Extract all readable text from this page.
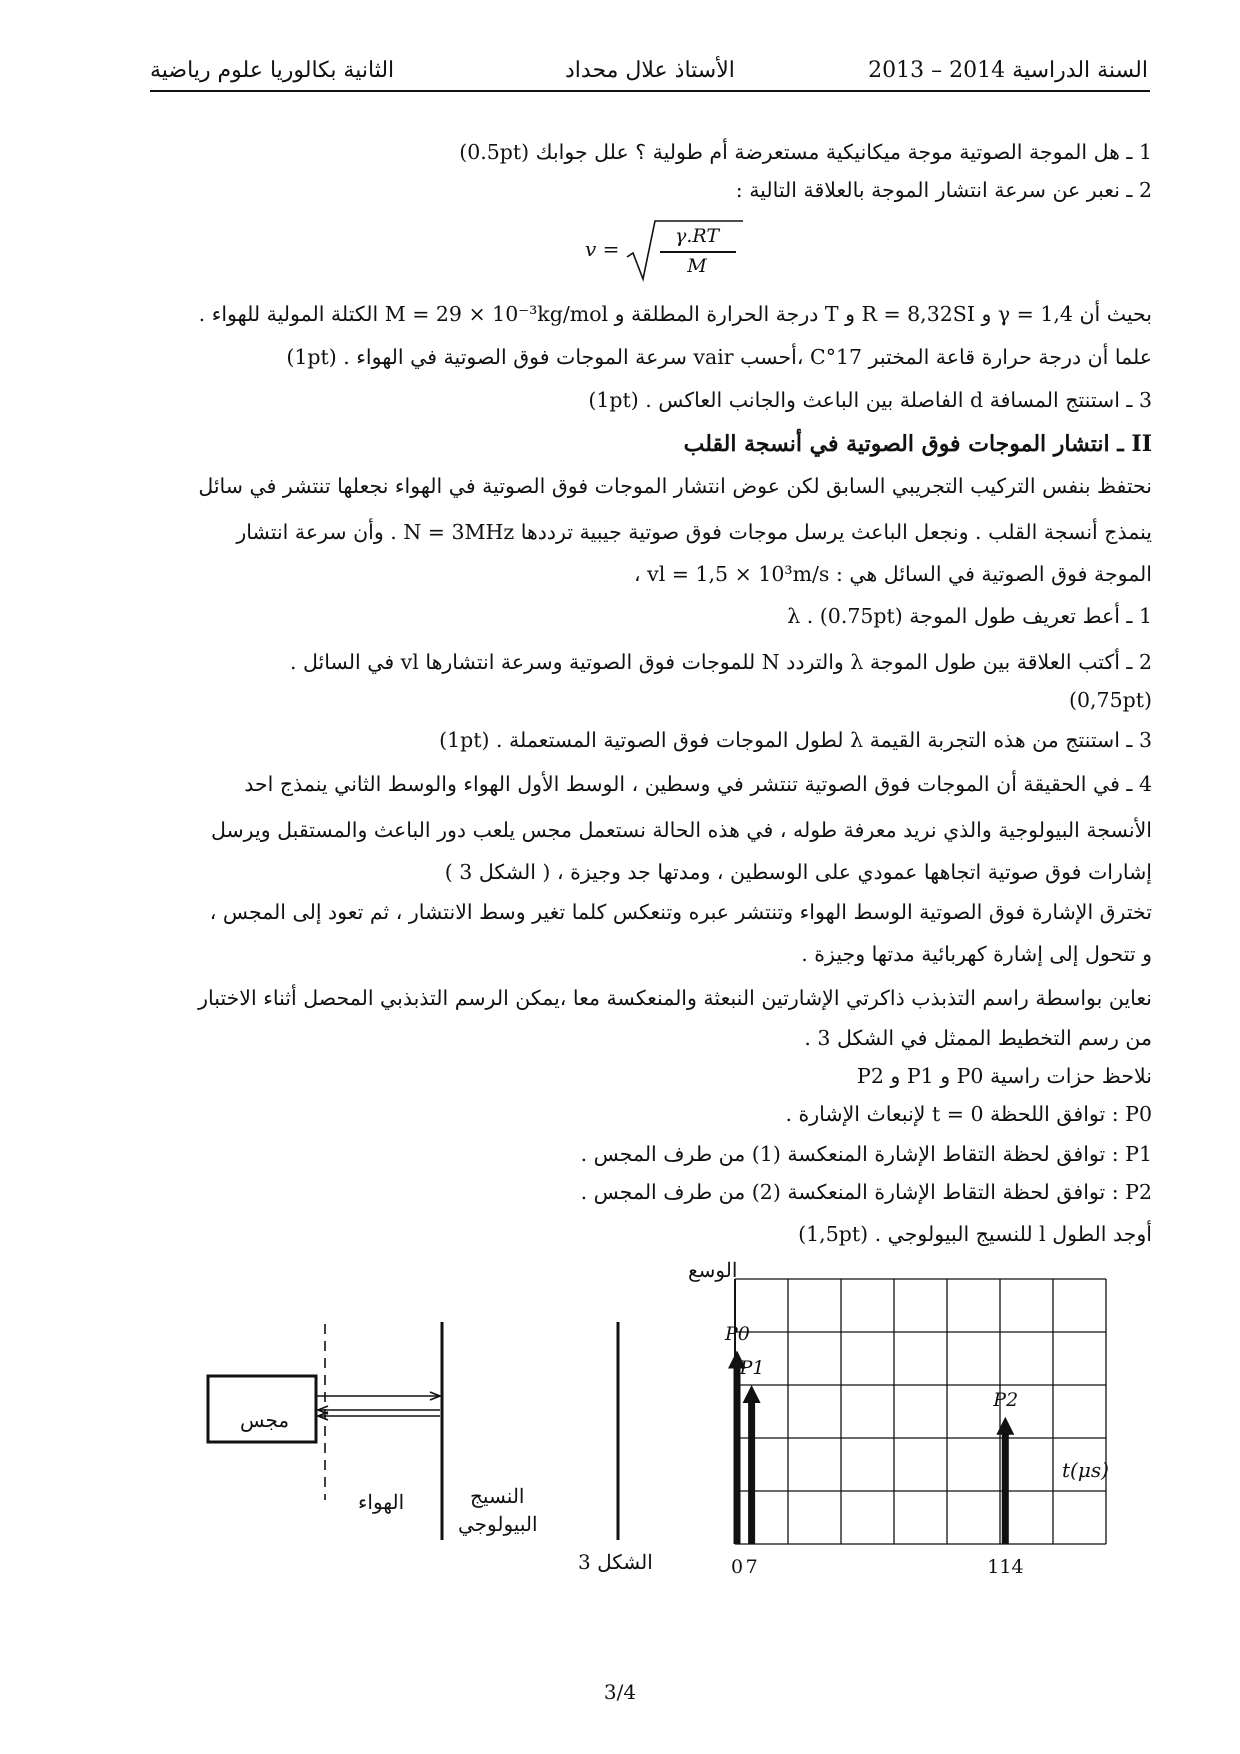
السنة الدراسية 2014 – 2013
الأستاذ علال محداد
الثانية بكالوريا علوم رياضية
1 ـ هل الموجة الصوتية موجة ميكانيكية مستعرضة أم طولية ؟ علل جوابك (0.5pt)
2 ـ نعبر عن سرعة انتشار الموجة بالعلاقة التالية :
v =
γ.RT
M
بحيث أن γ = 1,4 و R = 8,32SI و T درجة الحرارة المطلقة و M = 29 × 10⁻³kg/mol الكتلة المولية للهواء .
علما أن درجة حرارة قاعة المختبر 17°C ،أحسب vair سرعة الموجات فوق الصوتية في الهواء . (1pt)
3 ـ استنتج المسافة d الفاصلة بين الباعث والجانب العاكس . (1pt)
II ـ انتشار الموجات فوق الصوتية في أنسجة القلب
نحتفظ بنفس التركيب التجريبي السابق لكن عوض انتشار الموجات فوق الصوتية في الهواء نجعلها تنتشر في سائل
ينمذج أنسجة القلب . ونجعل الباعث يرسل موجات فوق صوتية جيبية ترددها N = 3MHz . وأن سرعة انتشار
الموجة فوق الصوتية في السائل هي : vl = 1,5 × 10³m/s ،
1 ـ أعط تعريف طول الموجة λ . (0.75pt)
2 ـ أكتب العلاقة بين طول الموجة λ والتردد N للموجات فوق الصوتية وسرعة انتشارها vl في السائل .
(0,75pt)
3 ـ استنتج من هذه التجربة القيمة λ لطول الموجات فوق الصوتية المستعملة . (1pt)
4 ـ في الحقيقة أن الموجات فوق الصوتية تنتشر في وسطين ، الوسط الأول الهواء والوسط الثاني ينمذج احد
الأنسجة البيولوجية والذي نريد معرفة طوله ، في هذه الحالة نستعمل مجس يلعب دور الباعث والمستقبل ويرسل
إشارات فوق صوتية اتجاهها عمودي على الوسطين ، ومدتها جد وجيزة ، ( الشكل 3 )
تخترق الإشارة فوق الصوتية الوسط الهواء وتنتشر عبره وتنعكس كلما تغير وسط الانتشار ، ثم تعود إلى المجس ،
و تتحول إلى إشارة كهربائية مدتها وجيزة .
نعاين بواسطة راسم التذبذب ذاكرتي الإشارتين النبعثة والمنعكسة معا ،يمكن الرسم التذبذبي المحصل أثناء الاختبار
من رسم التخطيط الممثل في الشكل 3 .
نلاحظ حزات راسية P0 و P1 و P2
P0 : توافق اللحظة t = 0 لإنبعاث الإشارة .
P1 : توافق لحظة التقاط الإشارة المنعكسة (1) من طرف المجس .
P2 : توافق لحظة التقاط الإشارة المنعكسة (2) من طرف المجس .
أوجد الطول l للنسيج البيولوجي . (1,5pt)
مجس
الهواء	النسيج
البيولوجي
الشكل 3
الوسع
t(μs)
P0
0
P1
7
P2
114
3/4
